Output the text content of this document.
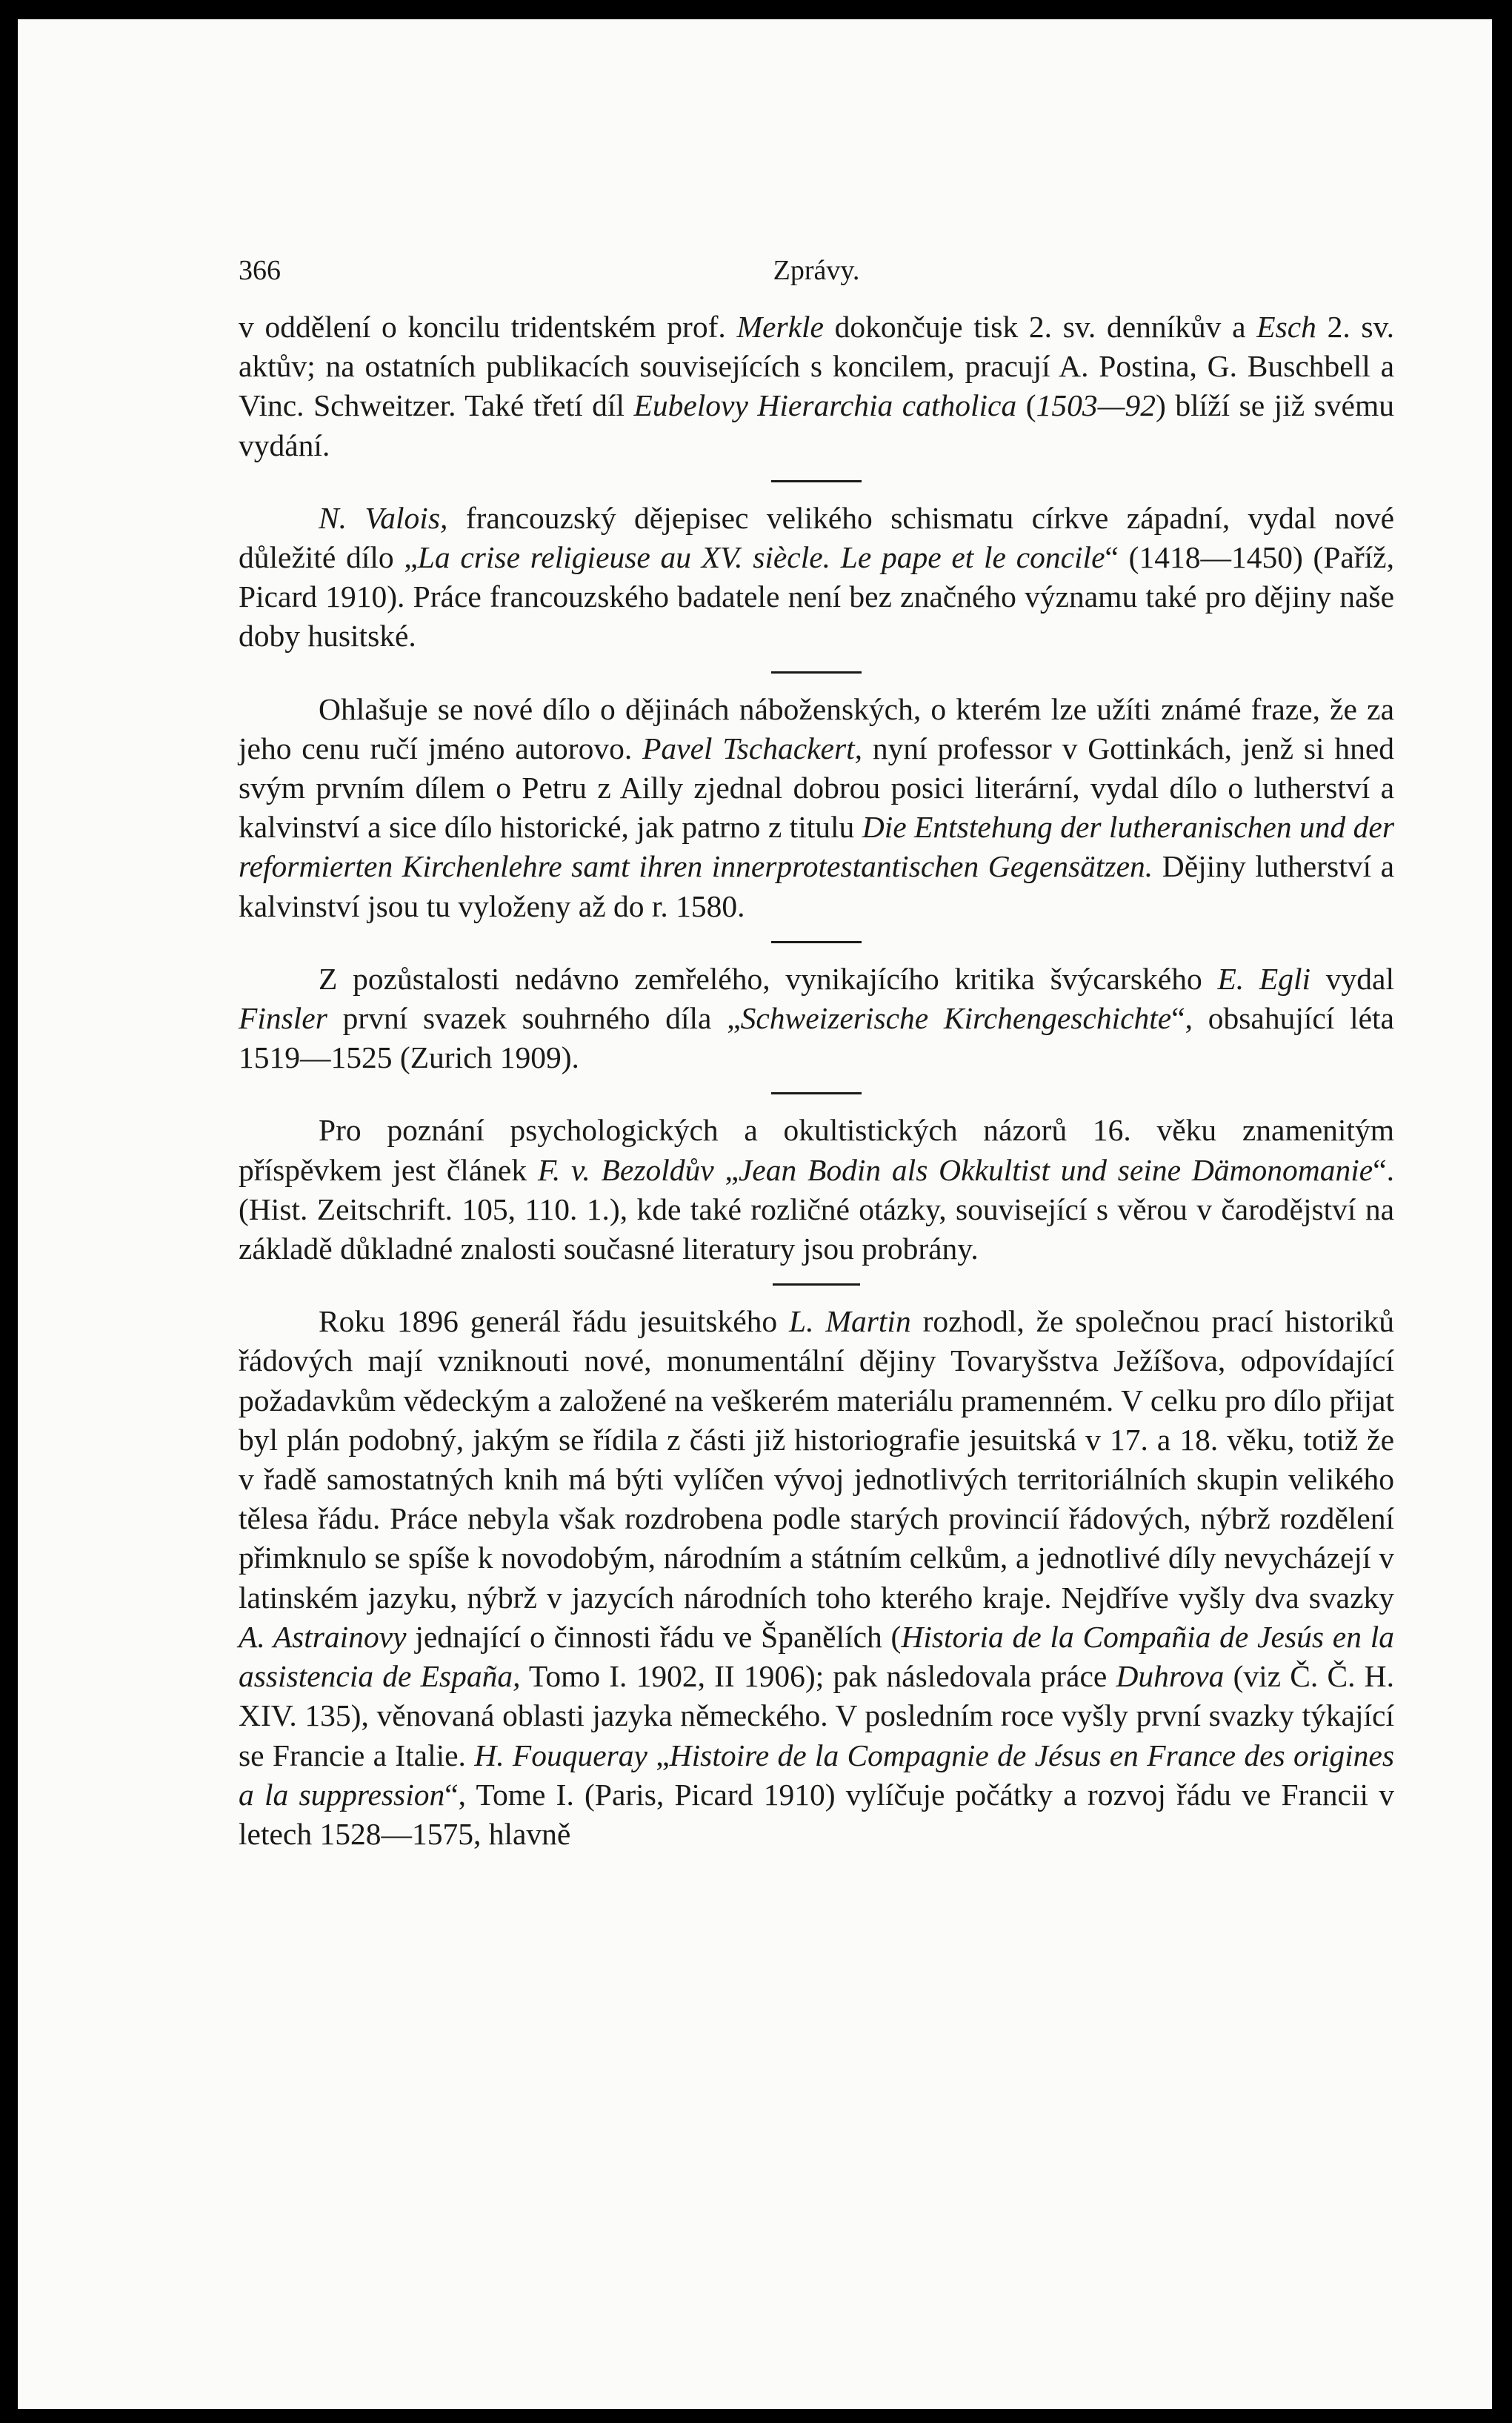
366	Zprávy.

v oddělení o koncilu tridentském prof. Merkle dokončuje tisk 2. sv. denníkův a Esch 2. sv. aktův; na ostatních publikacích souvisejících s koncilem, pracují A. Postina, G. Buschbell a Vinc. Schweitzer. Také třetí díl Eubelovy Hierarchia catholica (1503—92) blíží se již svému vydání.

N. Valois, francouzský dějepisec velikého schismatu církve západní, vydal nové důležité dílo „La crise religieuse au XV. siècle. Le pape et le concile“ (1418—1450) (Paříž, Picard 1910). Práce francouzského badatele není bez značného významu také pro dějiny naše doby husitské.

Ohlašuje se nové dílo o dějinách náboženských, o kterém lze užíti známé fraze, že za jeho cenu ručí jméno autorovo. Pavel Tschackert, nyní professor v Gottinkách, jenž si hned svým prvním dílem o Petru z Ailly zjednal dobrou posici literární, vydal dílo o lutherství a kalvinství a sice dílo historické, jak patrno z titulu Die Entstehung der lutheranischen und der reformierten Kirchenlehre samt ihren innerprotestantischen Gegensätzen. Dějiny lutherství a kalvinství jsou tu vyloženy až do r. 1580.

Z pozůstalosti nedávno zemřelého, vynikajícího kritika švýcarského E. Egli vydal Finsler první svazek souhrného díla „Schweizerische Kirchengeschichte“, obsahující léta 1519—1525 (Zurich 1909).

Pro poznání psychologických a okultistických názorů 16. věku znamenitým příspěvkem jest článek F. v. Bezoldův „Jean Bodin als Okkultist und seine Dämonomanie“. (Hist. Zeitschrift. 105, 110. 1.), kde také rozličné otázky, související s věrou v čarodějství na základě důkladné znalosti současné literatury jsou probrány.

Roku 1896 generál řádu jesuitského L. Martin rozhodl, že společnou prací historiků řádových mají vzniknouti nové, monumentální dějiny Tovaryšstva Ježíšova, odpovídající požadavkům vědeckým a založené na veškerém materiálu pramenném. V celku pro dílo přijat byl plán podobný, jakým se řídila z části již historiografie jesuitská v 17. a 18. věku, totiž že v řadě samostatných knih má býti vylíčen vývoj jednotlivých territoriálních skupin velikého tělesa řádu. Práce nebyla však rozdrobena podle starých provincií řádových, nýbrž rozdělení přimknulo se spíše k novodobým, národním a státním celkům, a jednotlivé díly nevycházejí v latinském jazyku, nýbrž v jazycích národních toho kterého kraje. Nejdříve vyšly dva svazky A. Astrainovy jednající o činnosti řádu ve Španělích (Historia de la Compañia de Jesús en la assistencia de España, Tomo I. 1902, II 1906); pak následovala práce Duhrova (viz Č. Č. H. XIV. 135), věnovaná oblasti jazyka německého. V posledním roce vyšly první svazky týkající se Francie a Italie. H. Fouqueray „Histoire de la Compagnie de Jésus en France des origines a la suppression“, Tome I. (Paris, Picard 1910) vylíčuje počátky a rozvoj řádu ve Francii v letech 1528—1575, hlavně
